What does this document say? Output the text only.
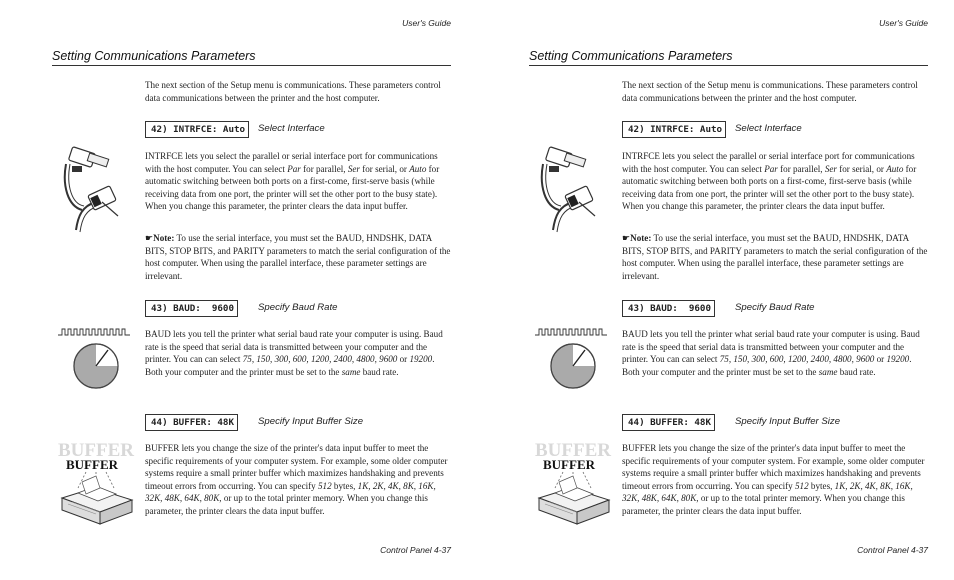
User's Guide
Setting Communications Parameters
The next section of the Setup menu is communications. These parameters control data communications between the printer and the host computer.
42) INTRFCE: Auto	Select Interface
INTRFCE lets you select the parallel or serial interface port for communications with the host computer. You can select Par for parallel, Ser for serial, or Auto for automatic switching between both ports on a first-come, first-serve basis (while receiving data from one port, the printer will set the other port to the busy state). When you change this parameter, the printer clears the data input buffer.
☛Note: To use the serial interface, you must set the BAUD, HNDSHK, DATA BITS, STOP BITS, and PARITY parameters to match the serial configuration of the host computer. When using the parallel interface, these parameter settings are irrelevant.
43) BAUD:  9600	Specify Baud Rate
BAUD lets you tell the printer what serial baud rate your computer is using. Baud rate is the speed that serial data is transmitted between your computer and the printer. You can can select 75, 150, 300, 600, 1200, 2400, 4800, 9600 or 19200. Both your computer and the printer must be set to the same baud rate.
44) BUFFER: 48K	Specify Input Buffer Size
BUFFER
BUFFER
BUFFER lets you change the size of the printer's data input buffer to meet the specific requirements of your computer system. For example, some older computer systems require a small printer buffer which maximizes handshaking and prevents timeout errors from occurring. You can specify 512 bytes, 1K, 2K, 4K, 8K, 16K, 32K, 48K, 64K, 80K, or up to the total printer memory. When you change this parameter, the printer clears the data input buffer.
Control Panel 4-37
User's Guide
Setting Communications Parameters
The next section of the Setup menu is communications. These parameters control data communications between the printer and the host computer.
42) INTRFCE: Auto	Select Interface
INTRFCE lets you select the parallel or serial interface port for communications with the host computer. You can select Par for parallel, Ser for serial, or Auto for automatic switching between both ports on a first-come, first-serve basis (while receiving data from one port, the printer will set the other port to the busy state). When you change this parameter, the printer clears the data input buffer.
☛Note: To use the serial interface, you must set the BAUD, HNDSHK, DATA BITS, STOP BITS, and PARITY parameters to match the serial configuration of the host computer. When using the parallel interface, these parameter settings are irrelevant.
43) BAUD:  9600	Specify Baud Rate
BAUD lets you tell the printer what serial baud rate your computer is using. Baud rate is the speed that serial data is transmitted between your computer and the printer. You can can select 75, 150, 300, 600, 1200, 2400, 4800, 9600 or 19200. Both your computer and the printer must be set to the same baud rate.
44) BUFFER: 48K	Specify Input Buffer Size
BUFFER
BUFFER
BUFFER lets you change the size of the printer's data input buffer to meet the specific requirements of your computer system. For example, some older computer systems require a small printer buffer which maximizes handshaking and prevents timeout errors from occurring. You can specify 512 bytes, 1K, 2K, 4K, 8K, 16K, 32K, 48K, 64K, 80K, or up to the total printer memory. When you change this parameter, the printer clears the data input buffer.
Control Panel 4-37
